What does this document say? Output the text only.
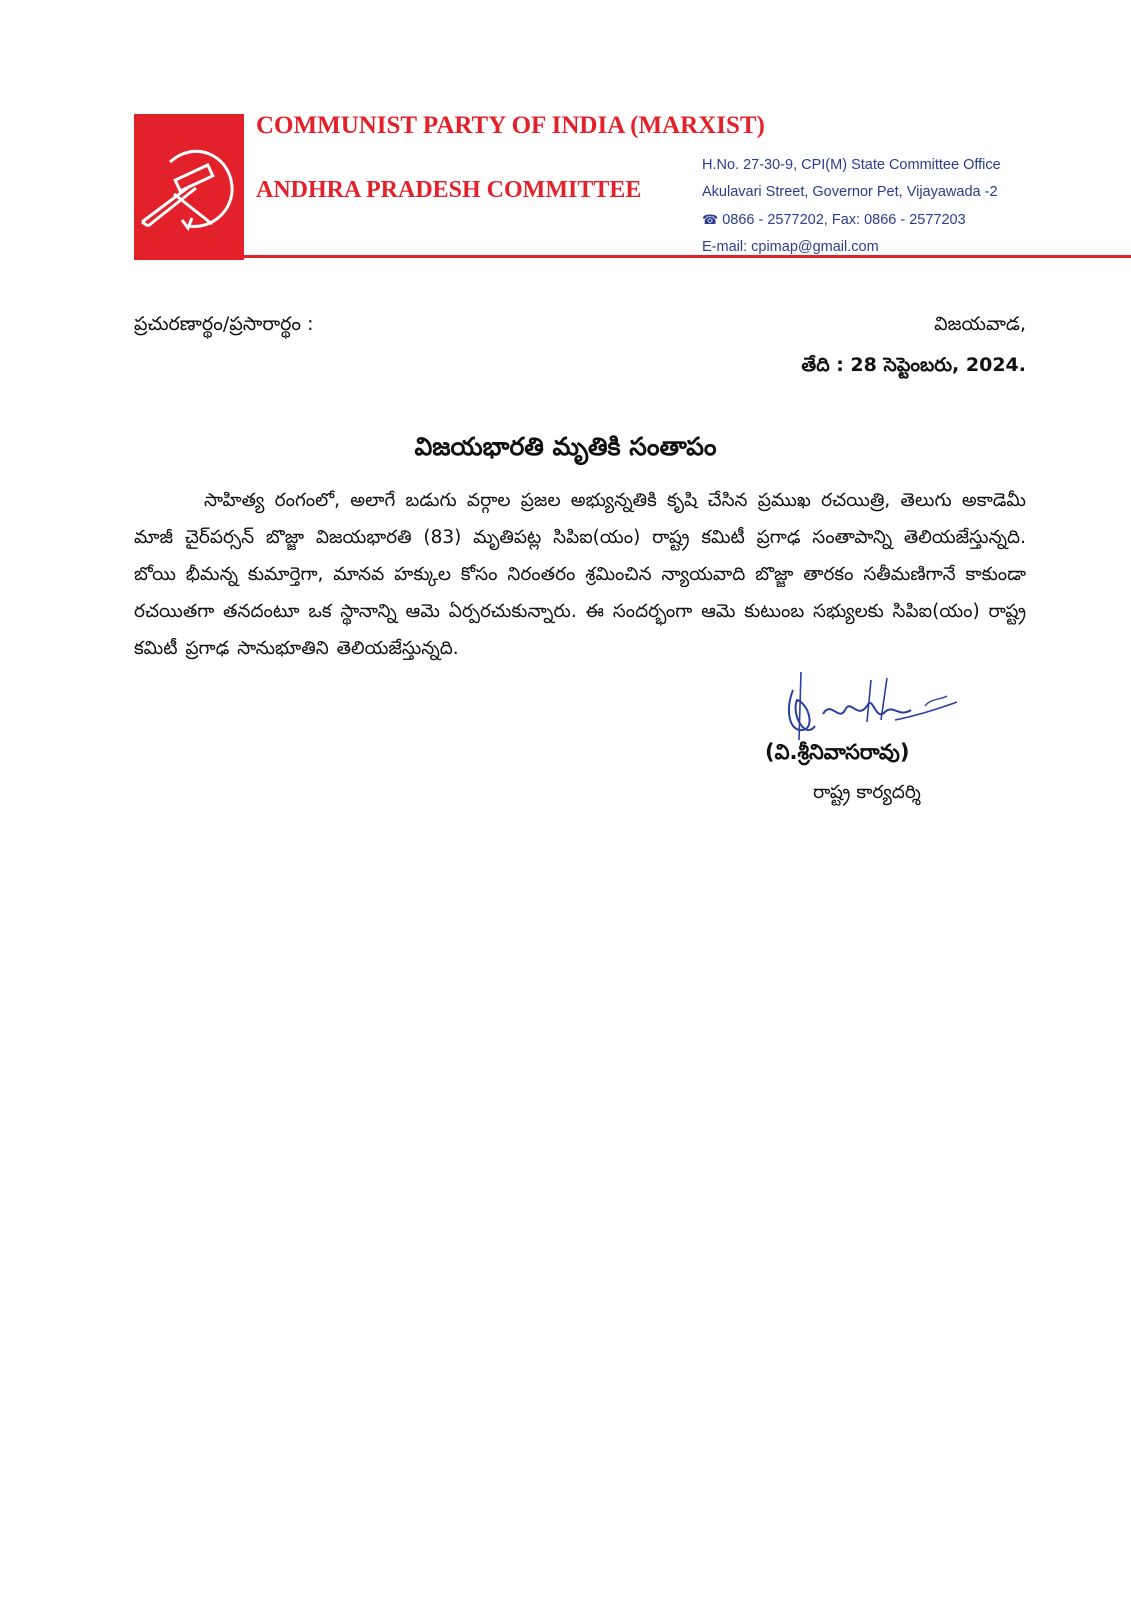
COMMUNIST PARTY OF INDIA (MARXIST)
ANDHRA PRADESH COMMITTEE
H.No. 27-30-9, CPI(M) State Committee Office
Akulavari Street, Governor Pet, Vijayawada -2
☎ 0866 - 2577202, Fax: 0866 - 2577203
E-mail: cpimap@gmail.com
ప్రచురణార్థం/ప్రసారార్థం :	విజయవాడ,
తేది : 28 సెప్టెంబరు, 2024.
విజయభారతి మృతికి సంతాపం
సాహిత్య రంగంలో, అలాగే బడుగు వర్గాల ప్రజల అభ్యున్నతికి కృషి చేసిన ప్రముఖ రచయిత్రి, తెలుగు అకాడెమీ మాజీ చైర్‌పర్సన్ బొజ్జా విజయభారతి (83) మృతిపట్ల సిపిఐ(యం) రాష్ట్ర కమిటీ ప్రగాఢ సంతాపాన్ని తెలియజేస్తున్నది. బోయి భీమన్న కుమార్తెగా, మానవ హక్కుల కోసం నిరంతరం శ్రమించిన న్యాయవాది బొజ్జా తారకం సతీమణిగానే కాకుండా రచయితగా తనదంటూ ఒక స్థానాన్ని ఆమె ఏర్పరచుకున్నారు. ఈ సందర్భంగా ఆమె కుటుంబ సభ్యులకు సిపిఐ(యం) రాష్ట్ర కమిటీ ప్రగాఢ సానుభూతిని తెలియజేస్తున్నది.
(వి.శ్రీనివాసరావు)
రాష్ట్ర కార్యదర్శి
